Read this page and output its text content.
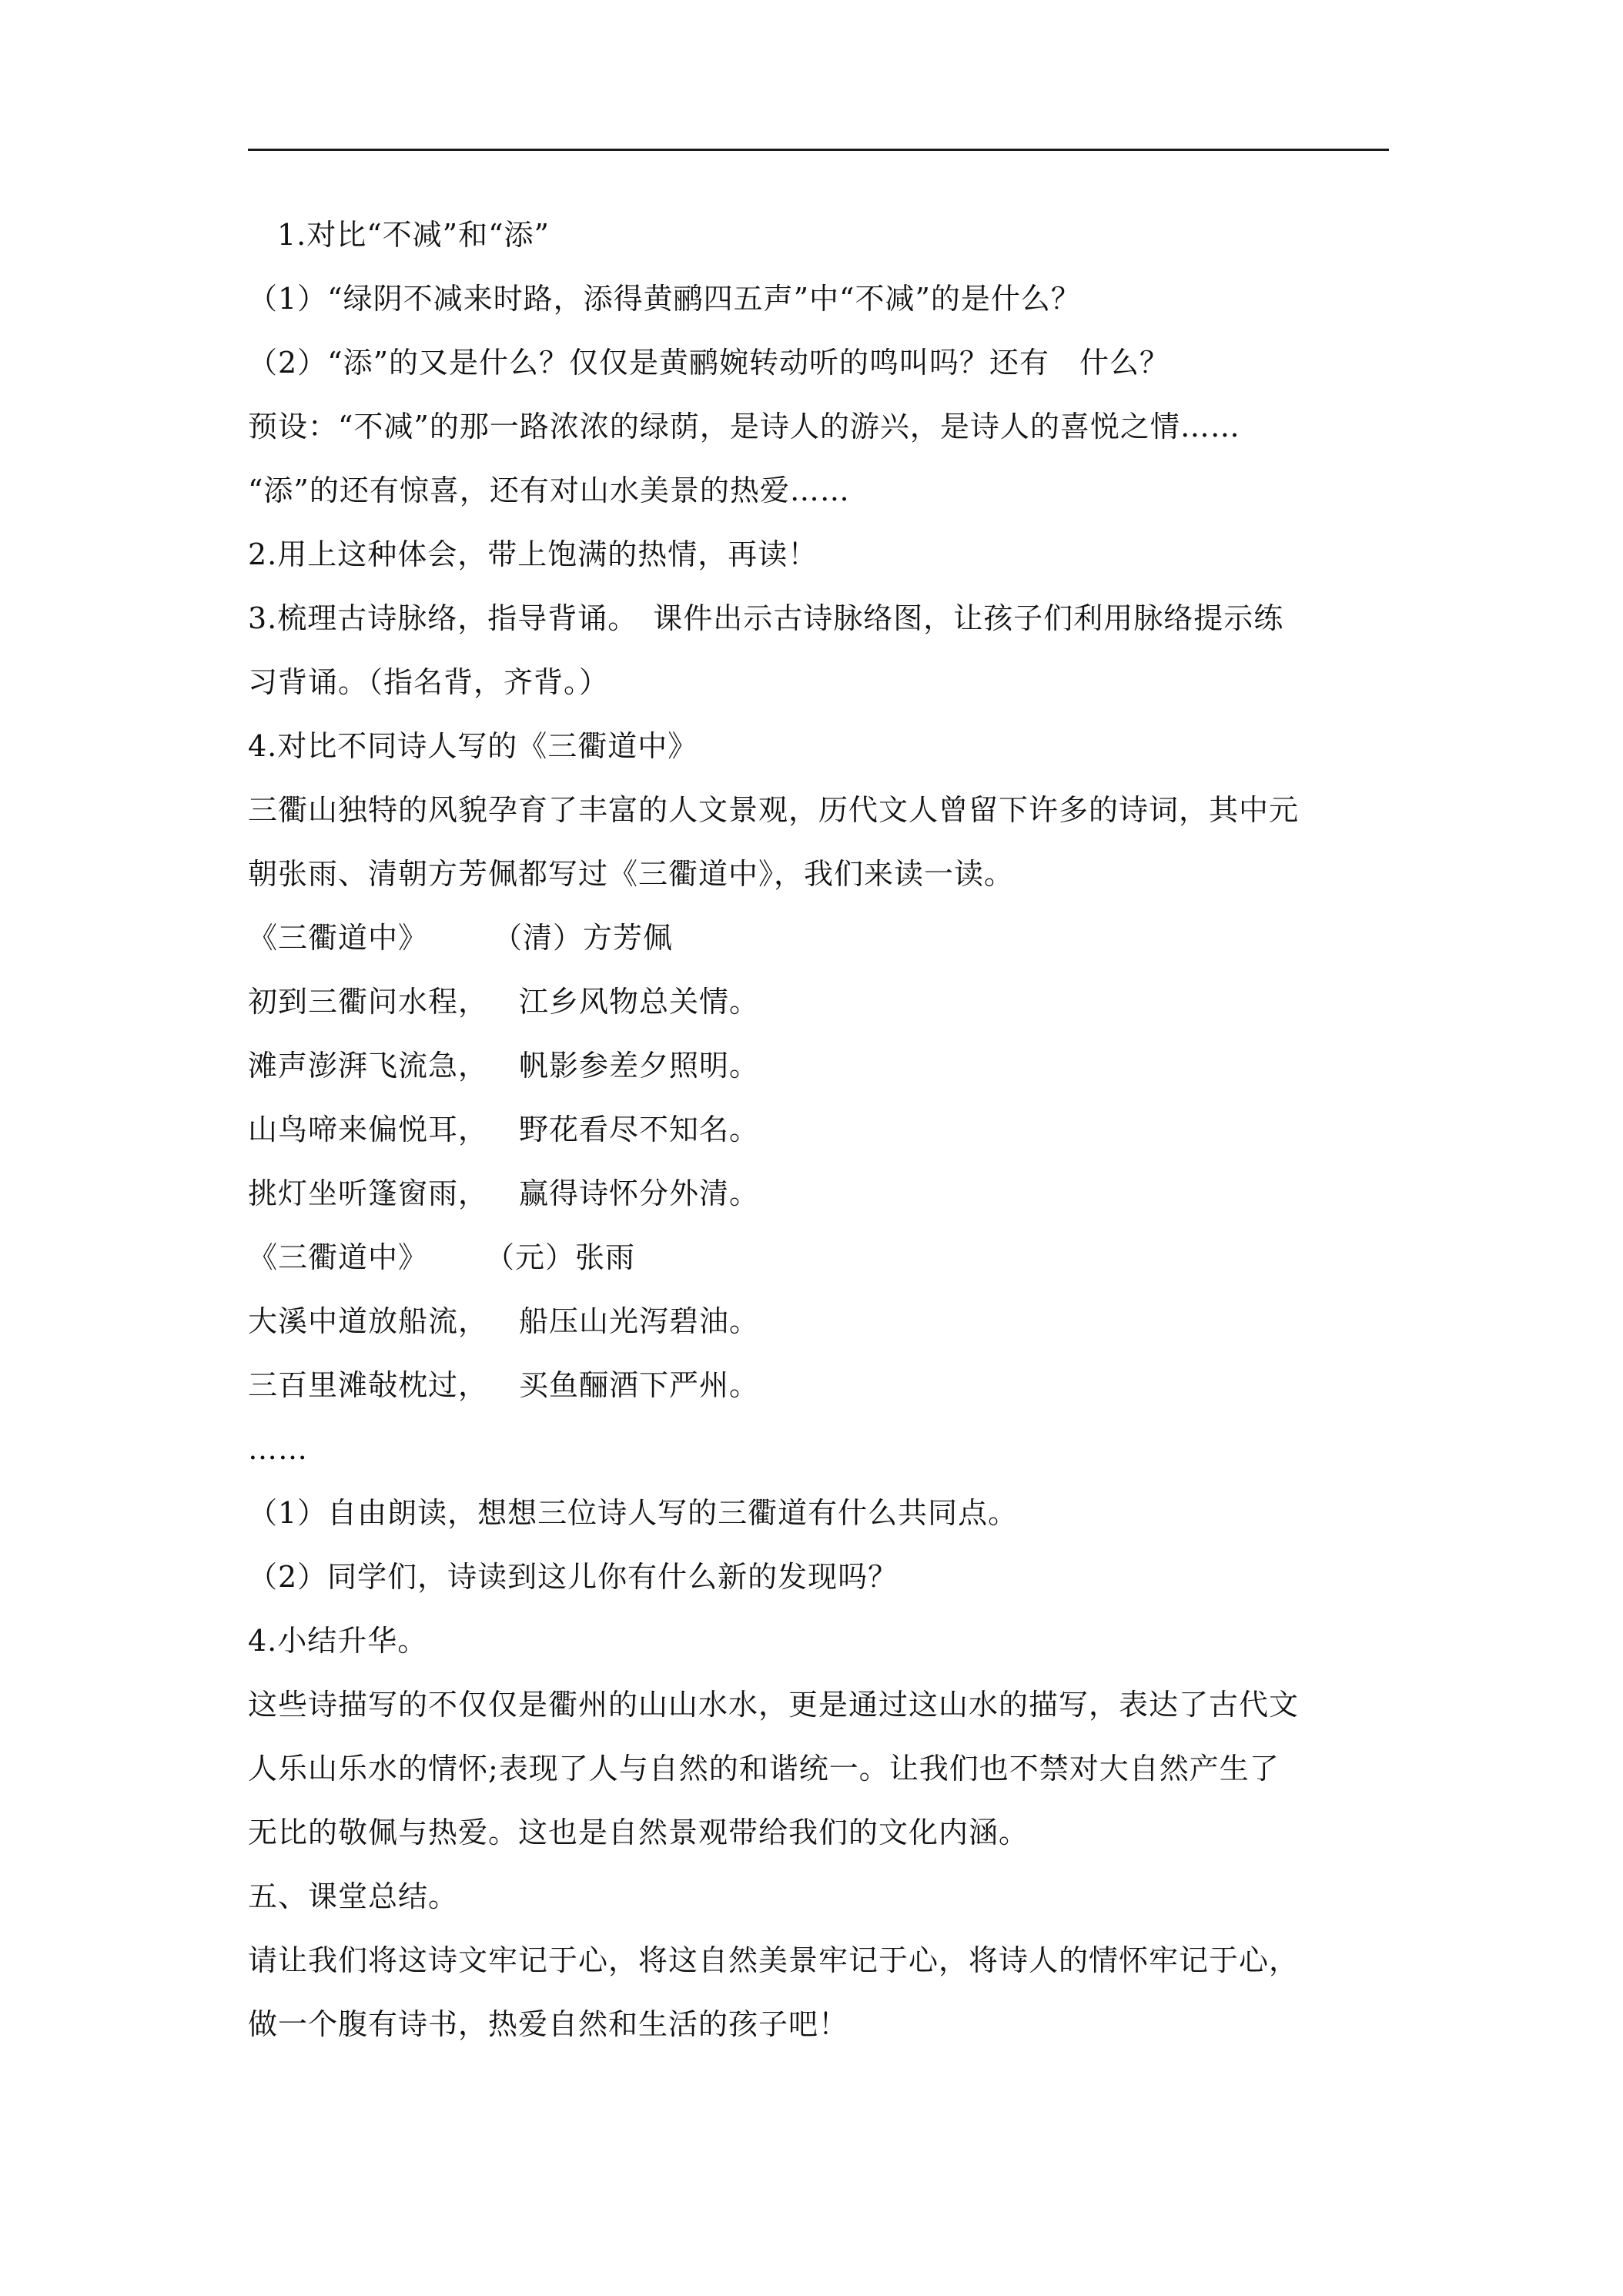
1.对比“不减”和“添”
（1）“绿阴不减来时路，添得黄鹂四五声”中“不减”的是什么？
（2）“添”的又是什么？仅仅是黄鹂婉转动听的鸣叫吗？还有　什么？
预设：“不减”的那一路浓浓的绿荫，是诗人的游兴，是诗人的喜悦之情……
“添”的还有惊喜，还有对山水美景的热爱……
2.用上这种体会，带上饱满的热情，再读！
3.梳理古诗脉络，指导背诵。　课件出示古诗脉络图，让孩子们利用脉络提示练
习背诵。（指名背，齐背。）
4.对比不同诗人写的《三衢道中》
三衢山独特的风貌孕育了丰富的人文景观，历代文人曾留下许多的诗词，其中元
朝张雨、清朝方芳佩都写过《三衢道中》，我们来读一读。
《三衢道中》 （清）方芳佩
初到三衢问水程， 江乡风物总关情。
滩声澎湃飞流急， 帆影参差夕照明。
山鸟啼来偏悦耳， 野花看尽不知名。
挑灯坐听篷窗雨， 赢得诗怀分外清。
《三衢道中》 （元）张雨
大溪中道放船流， 船压山光泻碧油。
三百里滩敧枕过， 买鱼酾酒下严州。
……
（1）自由朗读，想想三位诗人写的三衢道有什么共同点。
（2）同学们，诗读到这儿你有什么新的发现吗？
4.小结升华。
这些诗描写的不仅仅是衢州的山山水水，更是通过这山水的描写，表达了古代文
人乐山乐水的情怀;表现了人与自然的和谐统一。让我们也不禁对大自然产生了
无比的敬佩与热爱。这也是自然景观带给我们的文化内涵。
五、课堂总结。
请让我们将这诗文牢记于心，将这自然美景牢记于心，将诗人的情怀牢记于心，
做一个腹有诗书，热爱自然和生活的孩子吧！
